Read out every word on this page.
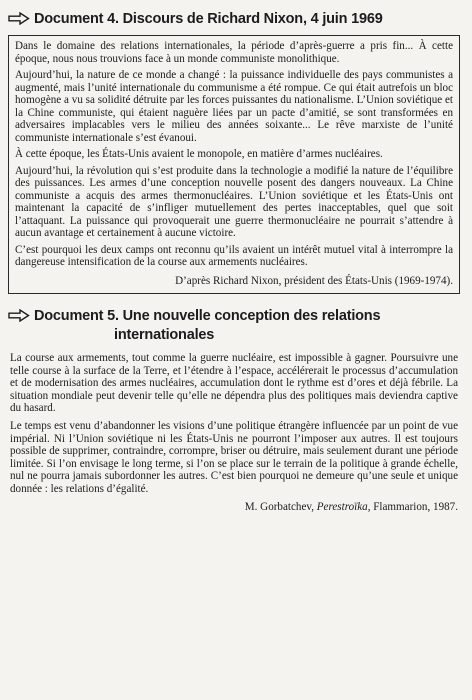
Document 4. Discours de Richard Nixon, 4 juin 1969

Dans le domaine des relations internationales, la période d’après-guerre a pris fin... À cette époque, nous nous trouvions face à un monde communiste monolithique.

Aujourd’hui, la nature de ce monde a changé : la puissance individuelle des pays communistes a augmenté, mais l’unité internationale du communisme a été rompue. Ce qui était autrefois un bloc homogène a vu sa solidité détruite par les forces puissantes du nationalisme. L’Union soviétique et la Chine communiste, qui étaient naguère liées par un pacte d’amitié, se sont transformées en adversaires implacables vers le milieu des années soixante... Le rêve marxiste de l’unité communiste internationale s’est évanoui.

À cette époque, les États-Unis avaient le monopole, en matière d’armes nucléaires.

Aujourd’hui, la révolution qui s’est produite dans la technologie a modifié la nature de l’équilibre des puissances. Les armes d’une conception nouvelle posent des dangers nouveaux. La Chine communiste a acquis des armes thermonucléaires. L’Union soviétique et les États-Unis ont maintenant la capacité de s’infliger mutuellement des pertes inacceptables, quel que soit l’attaquant. La puissance qui provoquerait une guerre thermonucléaire ne pourrait s’attendre à aucun avantage et certainement à aucune victoire.

C’est pourquoi les deux camps ont reconnu qu’ils avaient un intérêt mutuel vital à interrompre la dangereuse intensification de la course aux armements nucléaires.

D’après Richard Nixon, président des États-Unis (1969-1974).

Document 5. Une nouvelle conception des relations
internationales

La course aux armements, tout comme la guerre nucléaire, est impossible à gagner. Poursuivre une telle course à la surface de la Terre, et l’étendre à l’espace, accélérerait le processus d’accumulation et de modernisation des armes nucléaires, accumulation dont le rythme est d’ores et déjà fébrile. La situation mondiale peut devenir telle qu’elle ne dépendra plus des politiques mais deviendra captive du hasard.

Le temps est venu d’abandonner les visions d’une politique étrangère influencée par un point de vue impérial. Ni l’Union soviétique ni les États-Unis ne pourront l’imposer aux autres. Il est toujours possible de supprimer, contraindre, corrompre, briser ou détruire, mais seulement durant une période limitée. Si l’on envisage le long terme, si l’on se place sur le terrain de la politique à grande échelle, nul ne pourra jamais subordonner les autres. C’est bien pourquoi ne demeure qu’une seule et unique donnée : les relations d’égalité.

M. Gorbatchev, Perestroïka, Flammarion, 1987.
